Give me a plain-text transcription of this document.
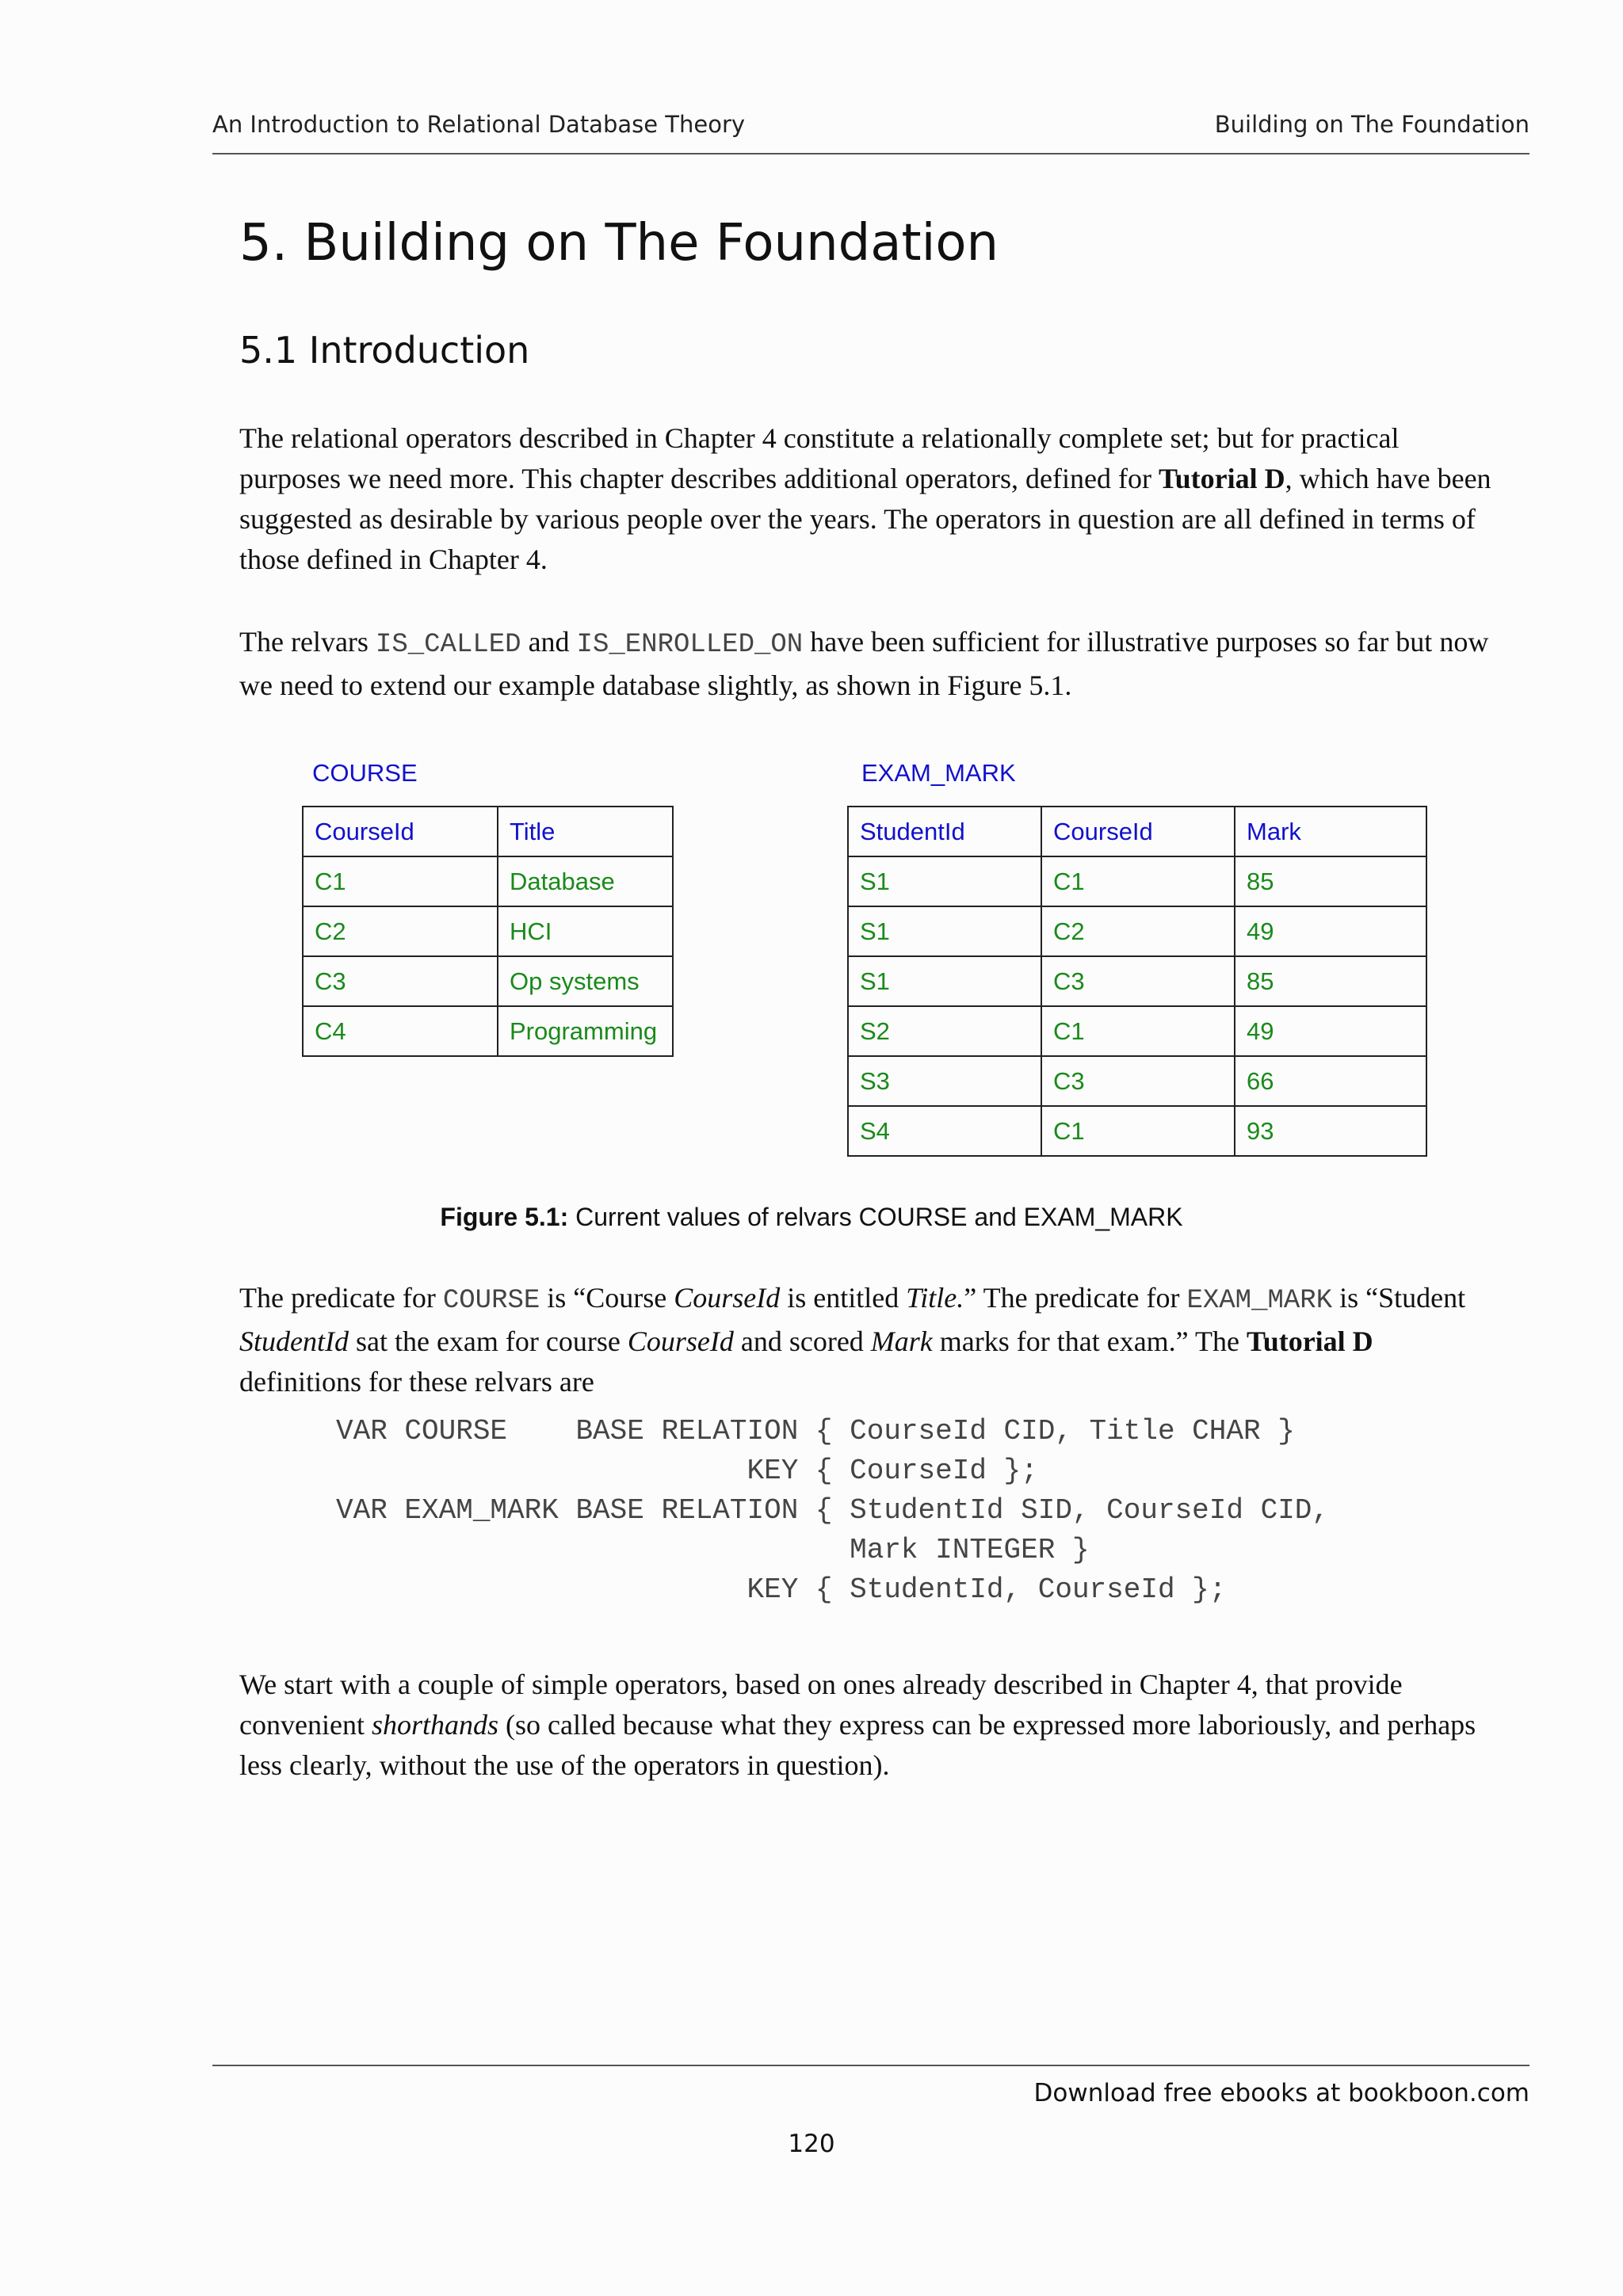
An Introduction to Relational Database Theory	Building on The Foundation
5. Building on The Foundation
5.1 Introduction

The relational operators described in Chapter 4 constitute a relationally complete set; but for practical purposes we need more. This chapter describes additional operators, defined for Tutorial D, which have been suggested as desirable by various people over the years. The operators in question are all defined in terms of those defined in Chapter 4.

The relvars IS_CALLED and IS_ENROLLED_ON have been sufficient for illustrative purposes so far but now we need to extend our example database slightly, as shown in Figure 5.1.

COURSE
CourseId	Title
C1	Database
C2	HCI
C3	Op systems
C4	Programming
EXAM_MARK
StudentId	CourseId	Mark
S1	C1	85
S1	C2	49
S1	C3	85
S2	C1	49
S3	C3	66
S4	C1	93
Figure 5.1: Current values of relvars COURSE and EXAM_MARK

The predicate for COURSE is “Course CourseId is entitled Title.” The predicate for EXAM_MARK is “Student StudentId sat the exam for course CourseId and scored Mark marks for that exam.” The Tutorial D definitions for these relvars are

VAR COURSE    BASE RELATION { CourseId CID, Title CHAR }
KEY { CourseId };
VAR EXAM_MARK BASE RELATION { StudentId SID, CourseId CID,
Mark INTEGER }
KEY { StudentId, CourseId };

We start with a couple of simple operators, based on ones already described in Chapter 4, that provide convenient shorthands (so called because what they express can be expressed more laboriously, and perhaps less clearly, without the use of the operators in question).

Download free ebooks at bookboon.com
120
